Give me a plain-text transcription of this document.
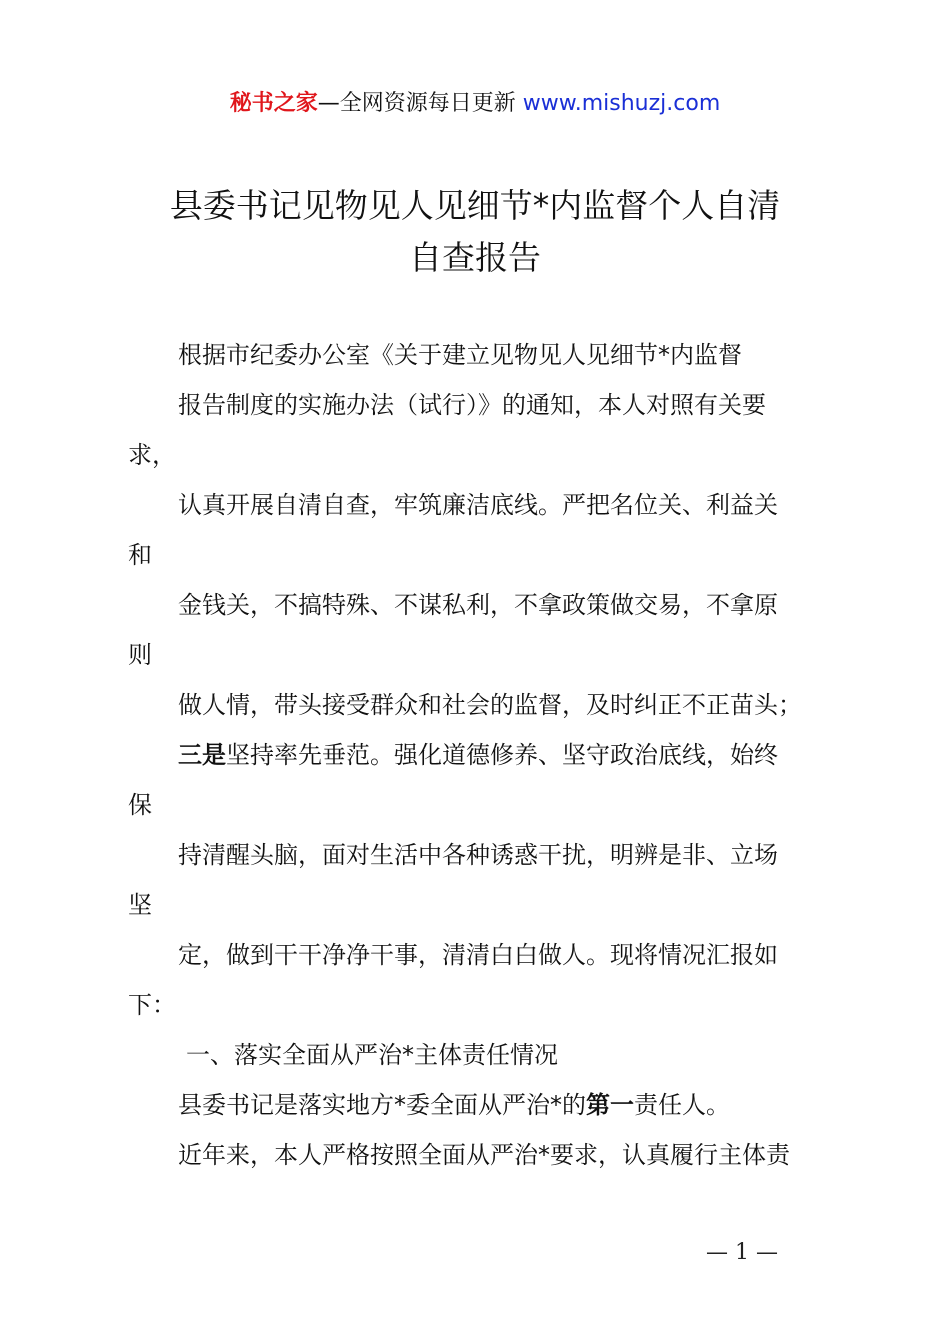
秘书之家—全网资源每日更新 www.mishuzj.com
县委书记见物见人见细节*内监督个人自清
自查报告
根据市纪委办公室《关于建立见物见人见细节*内监督
报告制度的实施办法（试行）》的通知，本人对照有关要
求，
认真开展自清自查，牢筑廉洁底线。严把名位关、利益关
和
金钱关，不搞特殊、不谋私利，不拿政策做交易，不拿原
则
做人情，带头接受群众和社会的监督，及时纠正不正苗头；
三是坚持率先垂范。强化道德修养、坚守政治底线，始终
保
持清醒头脑，面对生活中各种诱惑干扰，明辨是非、立场
坚
定，做到干干净净干事，清清白白做人。现将情况汇报如
下：
一、落实全面从严治*主体责任情况
县委书记是落实地方*委全面从严治*的第一责任人。
近年来，本人严格按照全面从严治*要求，认真履行主体责
— 1 —
